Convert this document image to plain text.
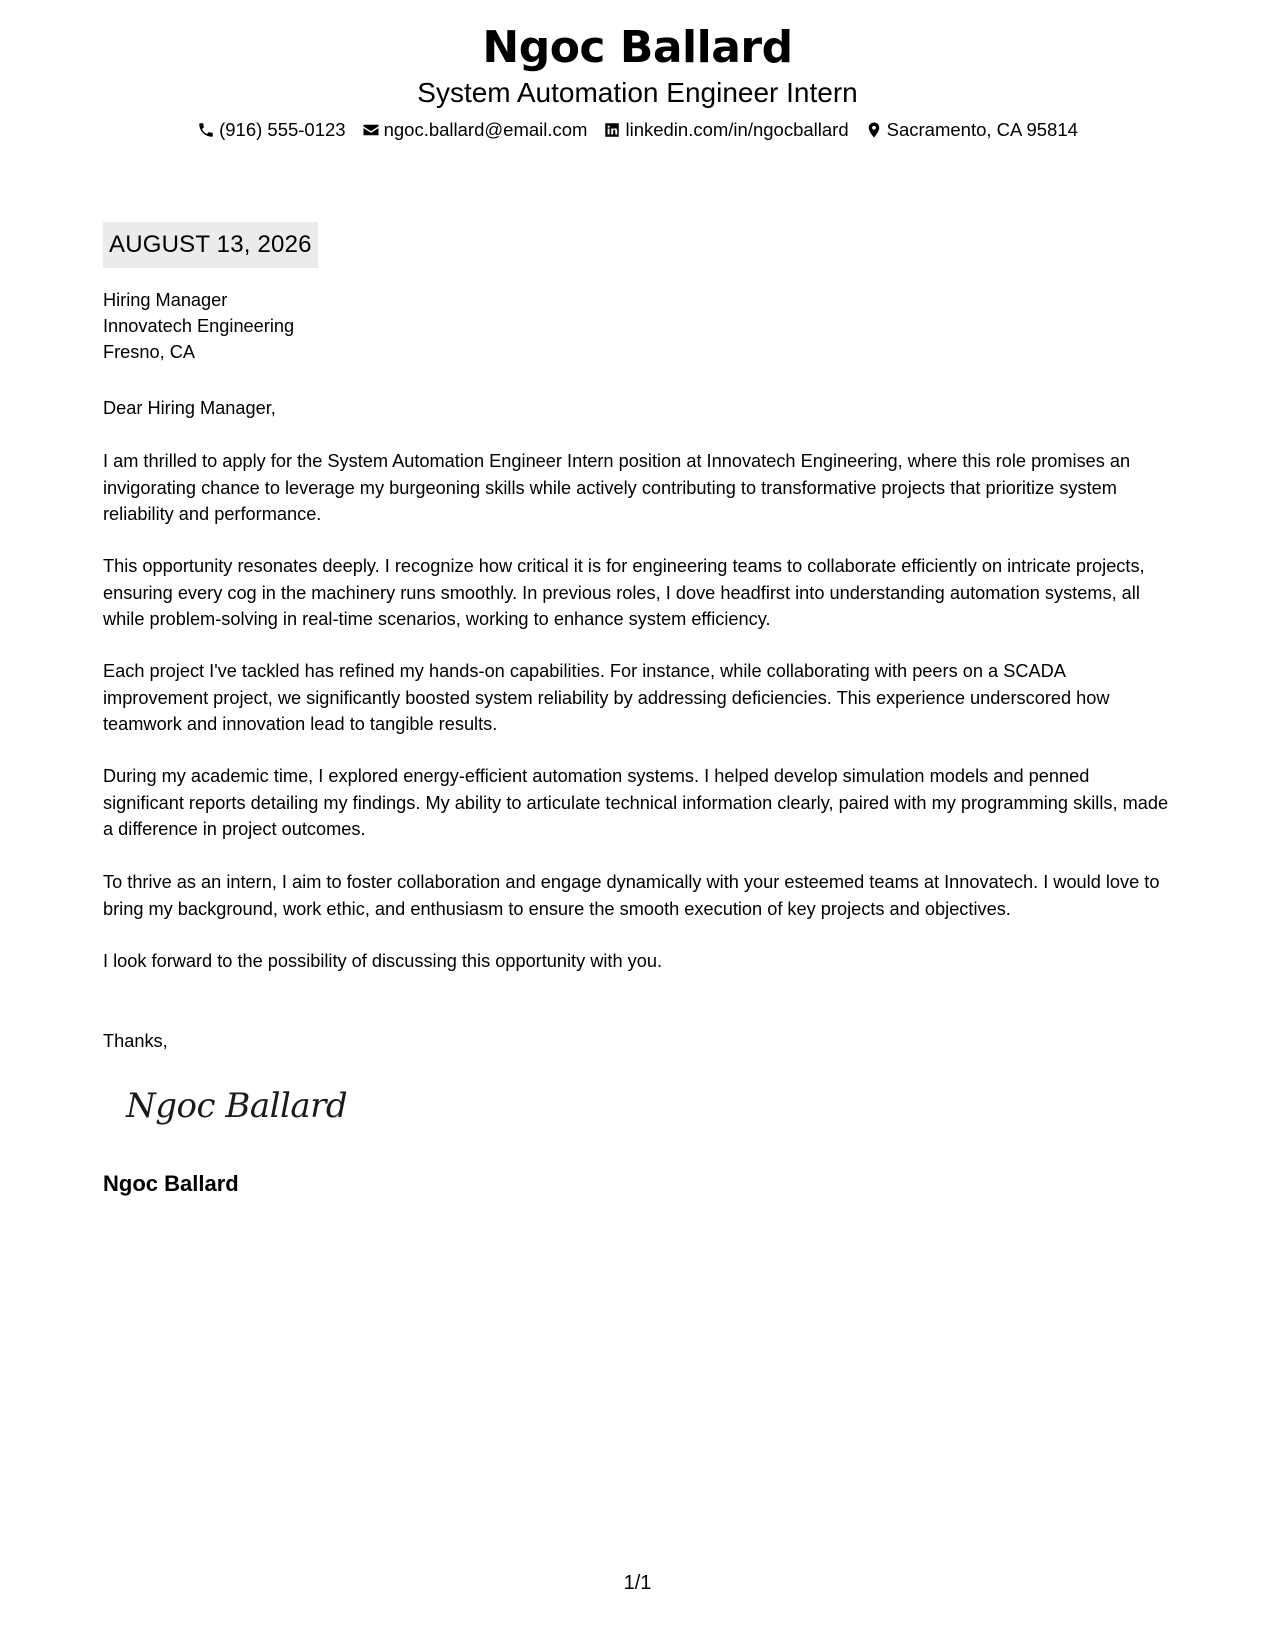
Ngoc Ballard
System Automation Engineer Intern
(916) 555-0123 ngoc.ballard@email.com linkedin.com/in/ngocballard Sacramento, CA 95814
AUGUST 13, 2026
Hiring Manager
Innovatech Engineering
Fresno, CA

Dear Hiring Manager,

I am thrilled to apply for the System Automation Engineer Intern position at Innovatech Engineering, where this role promises an invigorating chance to leverage my burgeoning skills while actively contributing to transformative projects that prioritize system reliability and performance.

This opportunity resonates deeply. I recognize how critical it is for engineering teams to collaborate efficiently on intricate projects, ensuring every cog in the machinery runs smoothly. In previous roles, I dove headfirst into understanding automation systems, all while problem-solving in real-time scenarios, working to enhance system efficiency.

Each project I've tackled has refined my hands-on capabilities. For instance, while collaborating with peers on a SCADA improvement project, we significantly boosted system reliability by addressing deficiencies. This experience underscored how teamwork and innovation lead to tangible results.

During my academic time, I explored energy-efficient automation systems. I helped develop simulation models and penned significant reports detailing my findings. My ability to articulate technical information clearly, paired with my programming skills, made a difference in project outcomes.

To thrive as an intern, I aim to foster collaboration and engage dynamically with your esteemed teams at Innovatech. I would love to bring my background, work ethic, and enthusiasm to ensure the smooth execution of key projects and objectives.

I look forward to the possibility of discussing this opportunity with you.

Thanks,

Ngoc Ballard
Ngoc Ballard
1/1
